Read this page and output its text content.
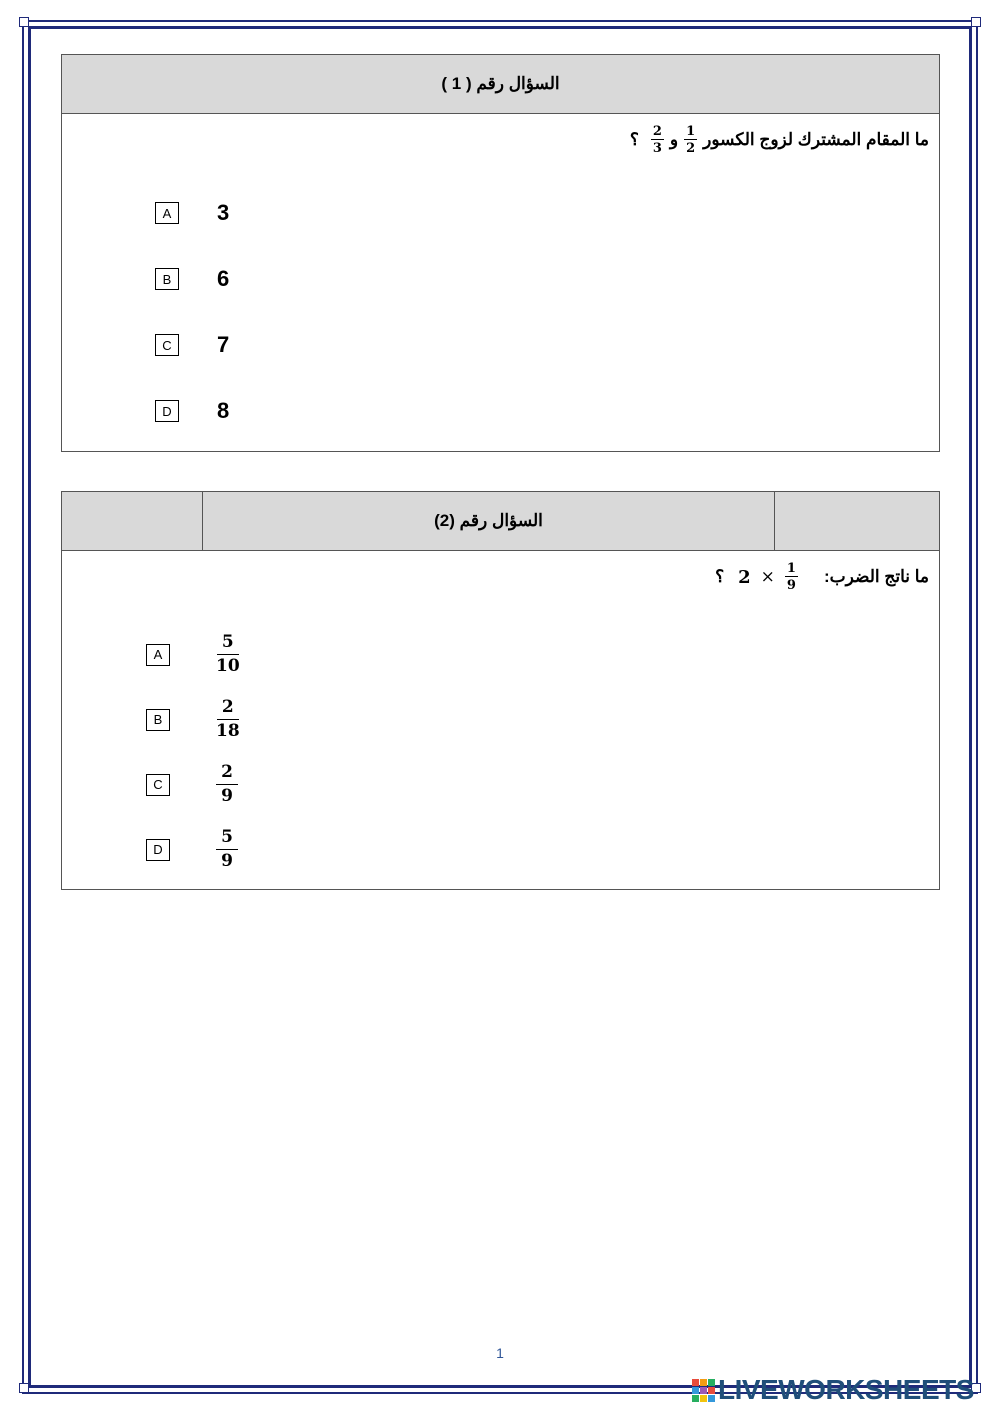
السؤال رقم ( 1 )
ما المقام المشترك لزوج الكسور
$\frac{1}{2}$
و
$\frac{2}{3}$
؟
A	3
B	6
C	7
D	8
السؤال رقم (2)
ما ناتج الضرب:
$\frac{1}{9}$
×
2
؟
A	$\frac{5}{10}$
B	$\frac{2}{18}$
C	$\frac{2}{9}$
D	$\frac{5}{9}$
1
LIVEWORKSHEETS
